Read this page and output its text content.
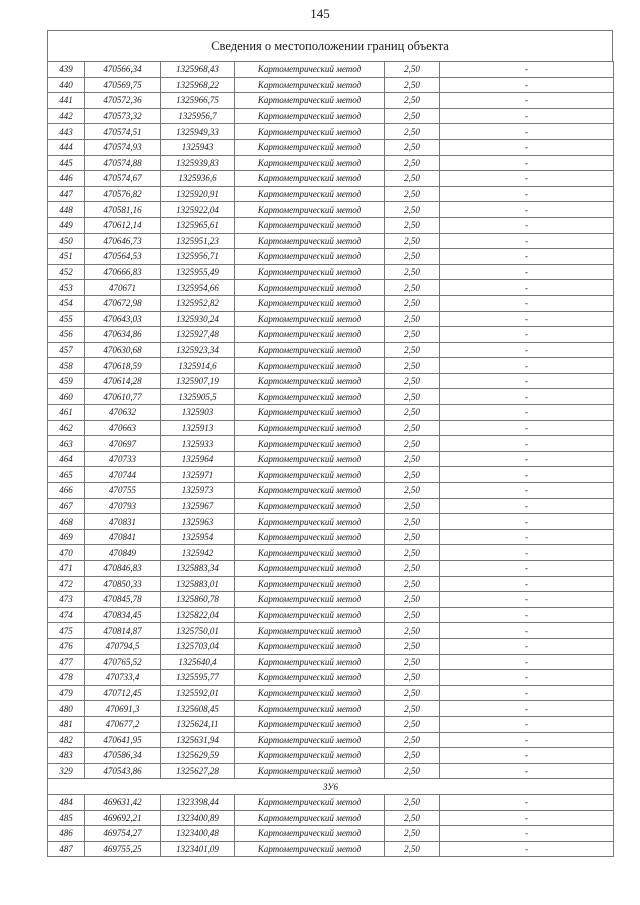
145
Сведения о местоположении границ объекта
439	470566,34	1325968,43	Картометрический метод	2,50	-
440	470569,75	1325968,22	Картометрический метод	2,50	-
441	470572,36	1325966,75	Картометрический метод	2,50	-
442	470573,32	1325956,7	Картометрический метод	2,50	-
443	470574,51	1325949,33	Картометрический метод	2,50	-
444	470574,93	1325943	Картометрический метод	2,50	-
445	470574,88	1325939,83	Картометрический метод	2,50	-
446	470574,67	1325936,6	Картометрический метод	2,50	-
447	470576,82	1325920,91	Картометрический метод	2,50	-
448	470581,16	1325922,04	Картометрический метод	2,50	-
449	470612,14	1325965,61	Картометрический метод	2,50	-
450	470646,73	1325951,23	Картометрический метод	2,50	-
451	470564,53	1325956,71	Картометрический метод	2,50	-
452	470666,83	1325955,49	Картометрический метод	2,50	-
453	470671	1325954,66	Картометрический метод	2,50	-
454	470672,98	1325952,82	Картометрический метод	2,50	-
455	470643,03	1325930,24	Картометрический метод	2,50	-
456	470634,86	1325927,48	Картометрический метод	2,50	-
457	470630,68	1325923,34	Картометрический метод	2,50	-
458	470618,59	1325914,6	Картометрический метод	2,50	-
459	470614,28	1325907,19	Картометрический метод	2,50	-
460	470610,77	1325905,5	Картометрический метод	2,50	-
461	470632	1325903	Картометрический метод	2,50	-
462	470663	1325913	Картометрический метод	2,50	-
463	470697	1325933	Картометрический метод	2,50	-
464	470733	1325964	Картометрический метод	2,50	-
465	470744	1325971	Картометрический метод	2,50	-
466	470755	1325973	Картометрический метод	2,50	-
467	470793	1325967	Картометрический метод	2,50	-
468	470831	1325963	Картометрический метод	2,50	-
469	470841	1325954	Картометрический метод	2,50	-
470	470849	1325942	Картометрический метод	2,50	-
471	470846,83	1325883,34	Картометрический метод	2,50	-
472	470850,33	1325883,01	Картометрический метод	2,50	-
473	470845,78	1325860,78	Картометрический метод	2,50	-
474	470834,45	1325822,04	Картометрический метод	2,50	-
475	470814,87	1325750,01	Картометрический метод	2,50	-
476	470794,5	1325703,04	Картометрический метод	2,50	-
477	470765,52	1325640,4	Картометрический метод	2,50	-
478	470733,4	1325595,77	Картометрический метод	2,50	-
479	470712,45	1325592,01	Картометрический метод	2,50	-
480	470691,3	1325608,45	Картометрический метод	2,50	-
481	470677,2	1325624,11	Картометрический метод	2,50	-
482	470641,95	1325631,94	Картометрический метод	2,50	-
483	470586,34	1325629,59	Картометрический метод	2,50	-
329	470543,86	1325627,28	Картометрический метод	2,50	-
ЗУ6					
484	469631,42	1323398,44	Картометрический метод	2,50	-
485	469692,21	1323400,89	Картометрический метод	2,50	-
486	469754,27	1323400,48	Картометрический метод	2,50	-
487	469755,25	1323401,09	Картометрический метод	2,50	-
